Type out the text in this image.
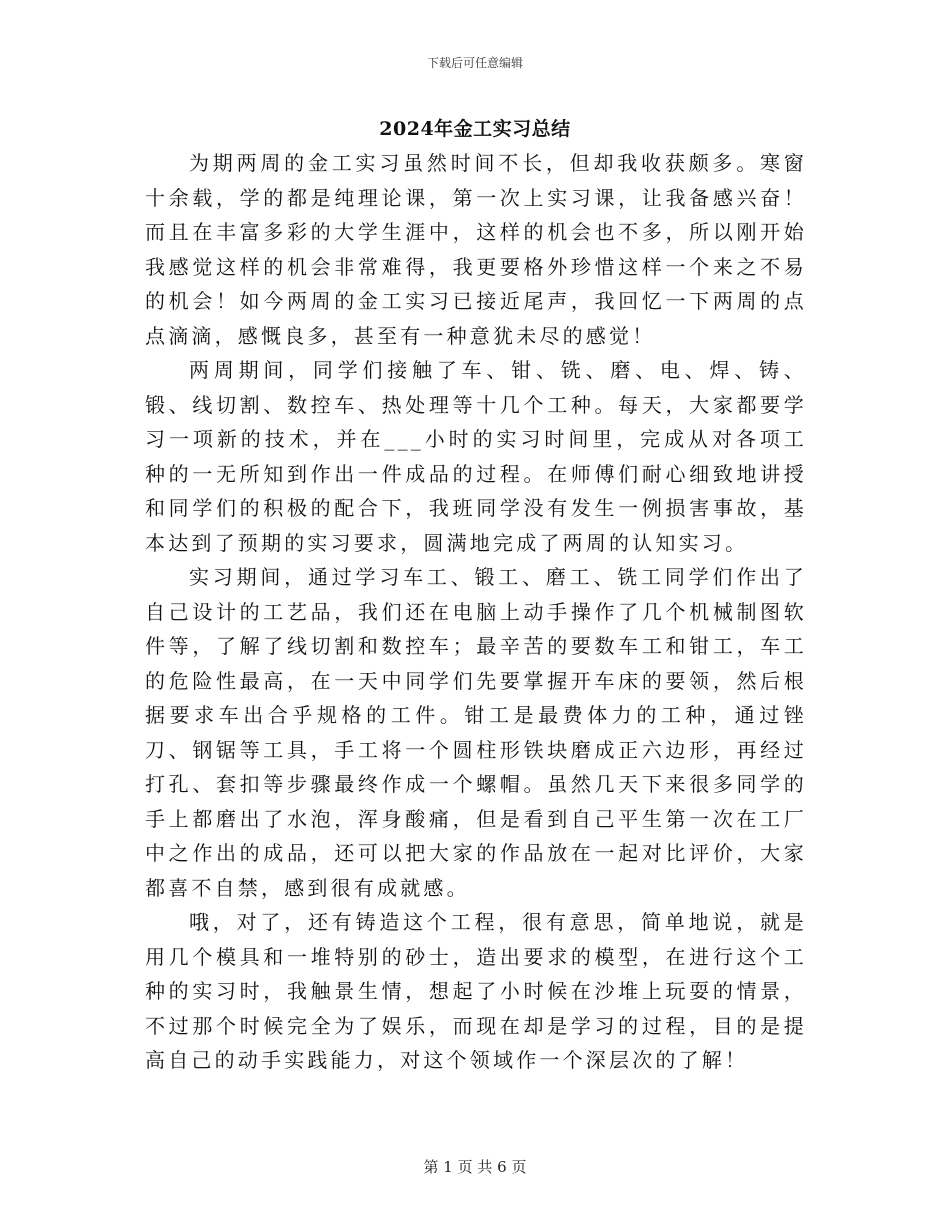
下载后可任意编辑
2024年金工实习总结

为期两周的金工实习虽然时间不长，但却我收获颇多。寒窗十余载，学的都是纯理论课，第一次上实习课，让我备感兴奋！而且在丰富多彩的大学生涯中，这样的机会也不多，所以刚开始我感觉这样的机会非常难得，我更要格外珍惜这样一个来之不易的机会！如今两周的金工实习已接近尾声，我回忆一下两周的点点滴滴，感慨良多，甚至有一种意犹未尽的感觉！

两周期间，同学们接触了车、钳、铣、磨、电、焊、铸、锻、线切割、数控车、热处理等十几个工种。每天，大家都要学习一项新的技术，并在___小时的实习时间里，完成从对各项工种的一无所知到作出一件成品的过程。在师傅们耐心细致地讲授和同学们的积极的配合下，我班同学没有发生一例损害事故，基本达到了预期的实习要求，圆满地完成了两周的认知实习。

实习期间，通过学习车工、锻工、磨工、铣工同学们作出了自己设计的工艺品，我们还在电脑上动手操作了几个机械制图软件等，了解了线切割和数控车；最辛苦的要数车工和钳工，车工的危险性最高，在一天中同学们先要掌握开车床的要领，然后根据要求车出合乎规格的工件。钳工是最费体力的工种，通过锉刀、钢锯等工具，手工将一个圆柱形铁块磨成正六边形，再经过打孔、套扣等步骤最终作成一个螺帽。虽然几天下来很多同学的手上都磨出了水泡，浑身酸痛，但是看到自己平生第一次在工厂中之作出的成品，还可以把大家的作品放在一起对比评价，大家都喜不自禁，感到很有成就感。

哦，对了，还有铸造这个工程，很有意思，简单地说，就是用几个模具和一堆特别的砂士，造出要求的模型，在进行这个工种的实习时，我触景生情，想起了小时候在沙堆上玩耍的情景，不过那个时候完全为了娱乐，而现在却是学习的过程，目的是提高自己的动手实践能力，对这个领域作一个深层次的了解！

第 1 页 共 6 页
